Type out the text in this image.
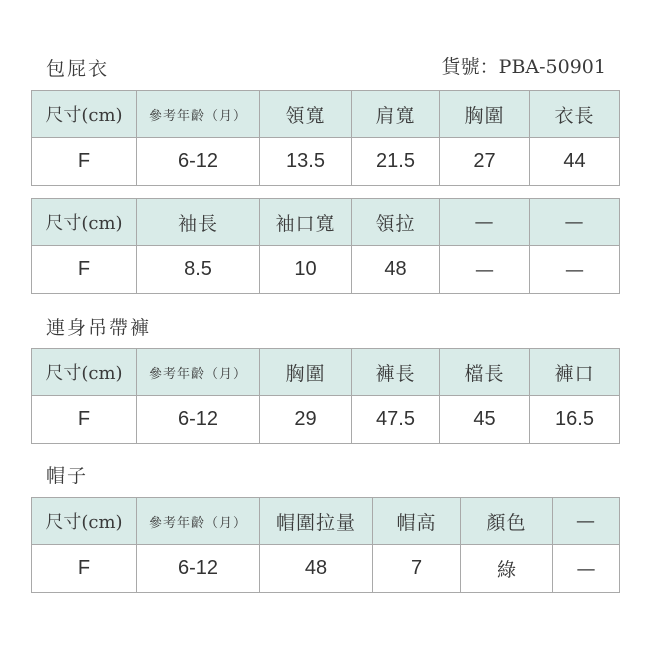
包屁衣	貨號：PBA-50901
尺寸(cm)	參考年齡（月）	領寬	肩寬	胸圍	衣長
F	6-12	13.5	21.5	27	44
尺寸(cm)	袖長	袖口寬	領拉	—	—
F	8.5	10	48	—	—
連身吊帶褲
尺寸(cm)	參考年齡（月）	胸圍	褲長	檔長	褲口
F	6-12	29	47.5	45	16.5
帽子
尺寸(cm)	參考年齡（月）	帽圍拉量	帽高	顏色	—
F	6-12	48	7	綠	—
